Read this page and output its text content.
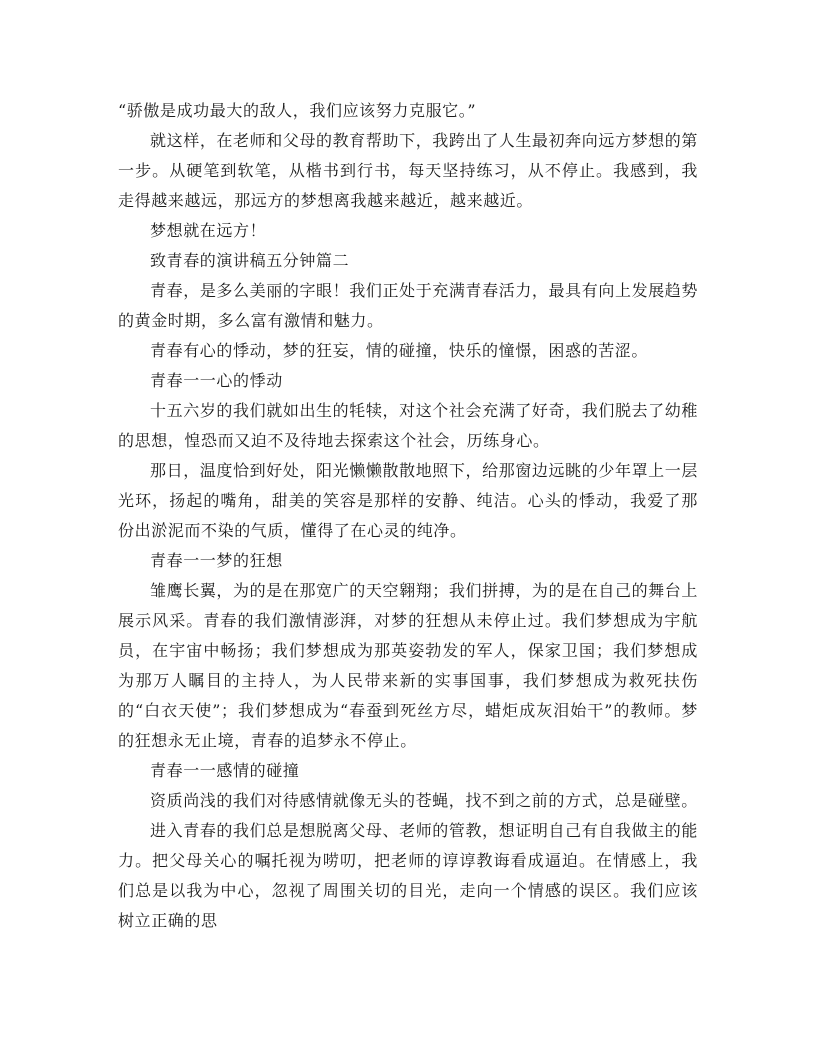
“骄傲是成功最大的敌人，我们应该努力克服它。”

就这样，在老师和父母的教育帮助下，我跨出了人生最初奔向远方梦想的第一步。从硬笔到软笔，从楷书到行书，每天坚持练习，从不停止。我感到，我走得越来越远，那远方的梦想离我越来越近，越来越近。

梦想就在远方！

致青春的演讲稿五分钟篇二

青春，是多么美丽的字眼！我们正处于充满青春活力，最具有向上发展趋势的黄金时期，多么富有激情和魅力。

青春有心的悸动，梦的狂妄，情的碰撞，快乐的憧憬，困惑的苦涩。

青春一一心的悸动

十五六岁的我们就如出生的牦犊，对这个社会充满了好奇，我们脱去了幼稚的思想，惶恐而又迫不及待地去探索这个社会，历练身心。

那日，温度恰到好处，阳光懒懒散散地照下，给那窗边远眺的少年罩上一层光环，扬起的嘴角，甜美的笑容是那样的安静、纯洁。心头的悸动，我爱了那份出淤泥而不染的气质，懂得了在心灵的纯净。

青春一一梦的狂想

雏鹰长翼，为的是在那宽广的天空翱翔；我们拼搏，为的是在自己的舞台上展示风采。青春的我们激情澎湃，对梦的狂想从未停止过。我们梦想成为宇航员，在宇宙中畅扬；我们梦想成为那英姿勃发的军人，保家卫国；我们梦想成为那万人瞩目的主持人，为人民带来新的实事国事，我们梦想成为救死扶伤的“白衣天使”；我们梦想成为“春蚕到死丝方尽，蜡炬成灰泪始干”的教师。梦的狂想永无止境，青春的追梦永不停止。

青春一一感情的碰撞

资质尚浅的我们对待感情就像无头的苍蝇，找不到之前的方式，总是碰壁。

进入青春的我们总是想脱离父母、老师的管教，想证明自己有自我做主的能力。把父母关心的嘱托视为唠叨，把老师的谆谆教诲看成逼迫。在情感上，我们总是以我为中心，忽视了周围关切的目光，走向一个情感的误区。我们应该树立正确的思
